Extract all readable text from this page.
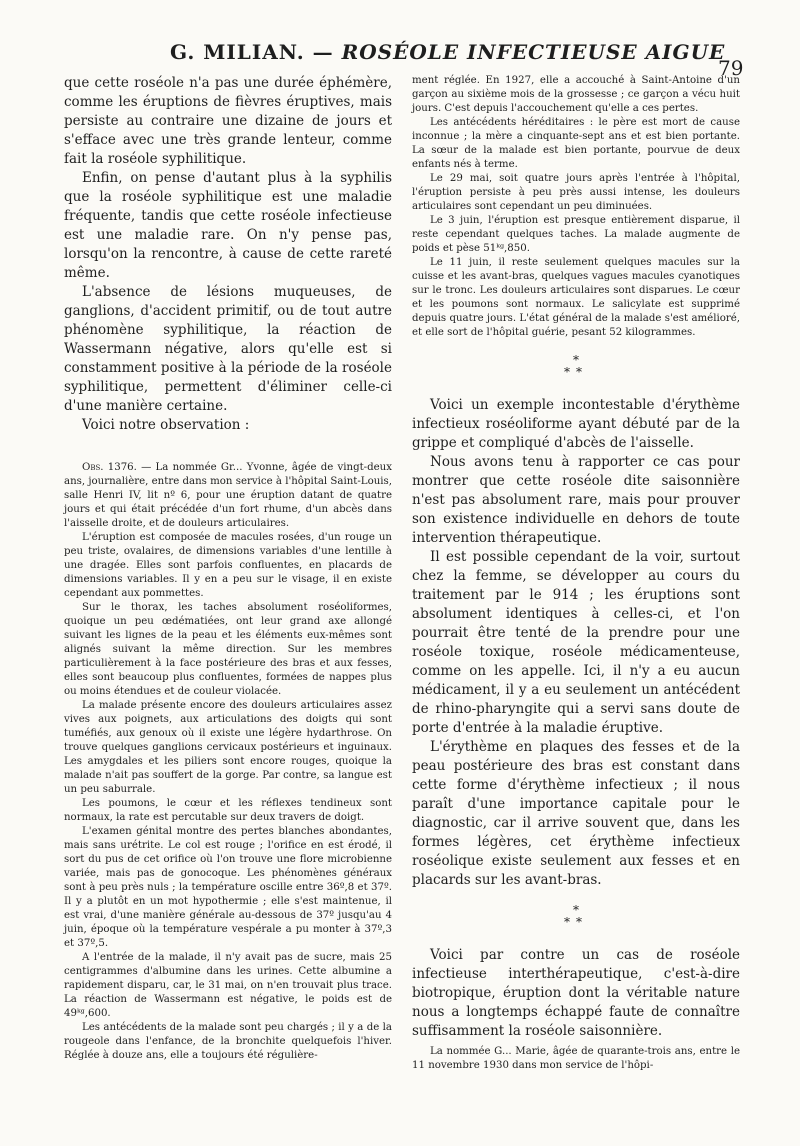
G. MILIAN. — ROSÉOLE INFECTIEUSE AIGUE
79

que cette roséole n'a pas une durée éphémère, comme les éruptions de fièvres éruptives, mais persiste au contraire une dizaine de jours et s'efface avec une très grande lenteur, comme fait la roséole syphilitique.

Enfin, on pense d'autant plus à la syphilis que la roséole syphilitique est une maladie fréquente, tandis que cette roséole infectieuse est une maladie rare. On n'y pense pas, lorsqu'on la rencontre, à cause de cette rareté même.

L'absence de lésions muqueuses, de ganglions, d'accident primitif, ou de tout autre phénomène syphilitique, la réaction de Wassermann négative, alors qu'elle est si constamment positive à la période de la roséole syphilitique, permettent d'éliminer celle-ci d'une manière certaine.

Voici notre observation :

Obs. 1376. — La nommée Gr... Yvonne, âgée de vingt-deux ans, journalière, entre dans mon service à l'hôpital Saint-Louis, salle Henri IV, lit nº 6, pour une éruption datant de quatre jours et qui était précédée d'un fort rhume, d'un abcès dans l'aisselle droite, et de douleurs articulaires.

L'éruption est composée de macules rosées, d'un rouge un peu triste, ovalaires, de dimensions variables d'une lentille à une dragée. Elles sont parfois confluentes, en placards de dimensions variables. Il y en a peu sur le visage, il en existe cependant aux pommettes.

Sur le thorax, les taches absolument roséoliformes, quoique un peu œdématiées, ont leur grand axe allongé suivant les lignes de la peau et les éléments eux-mêmes sont alignés suivant la même direction. Sur les membres particulièrement à la face postérieure des bras et aux fesses, elles sont beaucoup plus confluentes, formées de nappes plus ou moins étendues et de couleur violacée.

La malade présente encore des douleurs articulaires assez vives aux poignets, aux articulations des doigts qui sont tuméfiés, aux genoux où il existe une légère hydarthrose. On trouve quelques ganglions cervicaux postérieurs et inguinaux. Les amygdales et les piliers sont encore rouges, quoique la malade n'ait pas souffert de la gorge. Par contre, sa langue est un peu saburrale.

Les poumons, le cœur et les réflexes tendineux sont normaux, la rate est percutable sur deux travers de doigt.

L'examen génital montre des pertes blanches abondantes, mais sans urétrite. Le col est rouge ; l'orifice en est érodé, il sort du pus de cet orifice où l'on trouve une flore microbienne variée, mais pas de gonocoque. Les phénomènes généraux sont à peu près nuls ; la température oscille entre 36º,8 et 37º. Il y a plutôt en un mot hypothermie ; elle s'est maintenue, il est vrai, d'une manière générale au-dessous de 37º jusqu'au 4 juin, époque où la température vespérale a pu monter à 37º,3 et 37º,5.

A l'entrée de la malade, il n'y avait pas de sucre, mais 25 centigrammes d'albumine dans les urines. Cette albumine a rapidement disparu, car, le 31 mai, on n'en trouvait plus trace. La réaction de Wassermann est négative, le poids est de 49ᵏᵍ,600.

Les antécédents de la malade sont peu chargés ; il y a de la rougeole dans l'enfance, de la bronchite quelquefois l'hiver. Réglée à douze ans, elle a toujours été régulière-

ment réglée. En 1927, elle a accouché à Saint-Antoine d'un garçon au sixième mois de la grossesse ; ce garçon a vécu huit jours. C'est depuis l'accouchement qu'elle a ces pertes.

Les antécédents héréditaires : le père est mort de cause inconnue ; la mère a cinquante-sept ans et est bien portante. La sœur de la malade est bien portante, pourvue de deux enfants nés à terme.

Le 29 mai, soit quatre jours après l'entrée à l'hôpital, l'éruption persiste à peu près aussi intense, les douleurs articulaires sont cependant un peu diminuées.

Le 3 juin, l'éruption est presque entièrement disparue, il reste cependant quelques taches. La malade augmente de poids et pèse 51ᵏᵍ,850.

Le 11 juin, il reste seulement quelques macules sur la cuisse et les avant-bras, quelques vagues macules cyanotiques sur le tronc. Les douleurs articulaires sont disparues. Le cœur et les poumons sont normaux. Le salicylate est supprimé depuis quatre jours. L'état général de la malade s'est amélioré, et elle sort de l'hôpital guérie, pesant 52 kilogrammes.

*
**

Voici un exemple incontestable d'érythème infectieux roséoliforme ayant débuté par de la grippe et compliqué d'abcès de l'aisselle.

Nous avons tenu à rapporter ce cas pour montrer que cette roséole dite saisonnière n'est pas absolument rare, mais pour prouver son existence individuelle en dehors de toute intervention thérapeutique.

Il est possible cependant de la voir, surtout chez la femme, se développer au cours du traitement par le 914 ; les éruptions sont absolument identiques à celles-ci, et l'on pourrait être tenté de la prendre pour une roséole toxique, roséole médicamenteuse, comme on les appelle. Ici, il n'y a eu aucun médicament, il y a eu seulement un antécédent de rhino-pharyngite qui a servi sans doute de porte d'entrée à la maladie éruptive.

L'érythème en plaques des fesses et de la peau postérieure des bras est constant dans cette forme d'érythème infectieux ; il nous paraît d'une importance capitale pour le diagnostic, car il arrive souvent que, dans les formes légères, cet érythème infectieux roséolique existe seulement aux fesses et en placards sur les avant-bras.

*
**

Voici par contre un cas de roséole infectieuse interthérapeutique, c'est-à-dire biotropique, éruption dont la véritable nature nous a longtemps échappé faute de connaître suffisamment la roséole saisonnière.

La nommée G... Marie, âgée de quarante-trois ans, entre le 11 novembre 1930 dans mon service de l'hôpi-
